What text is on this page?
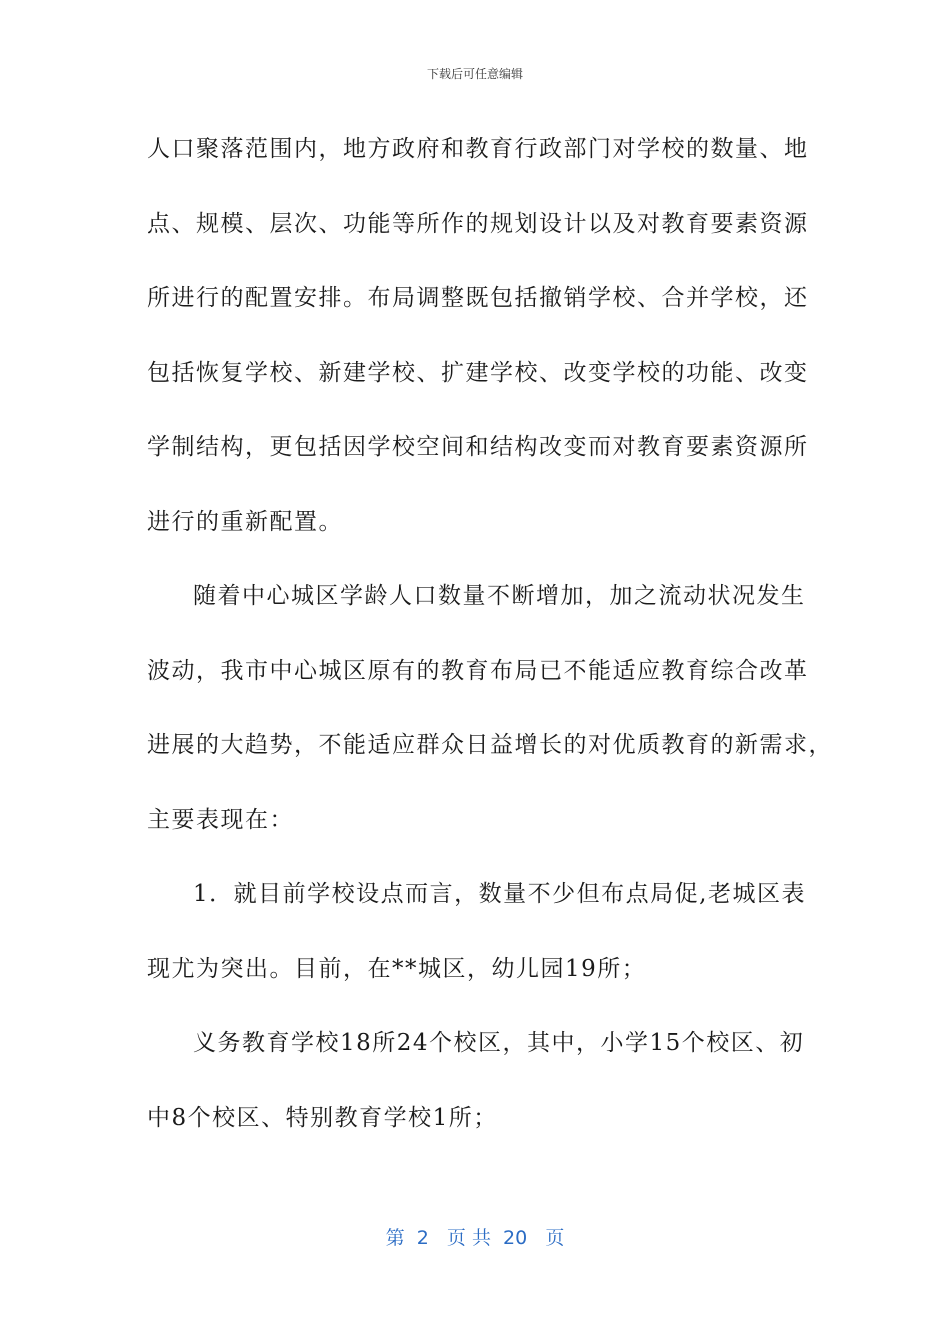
下载后可任意编辑
人口聚落范围内，地方政府和教育行政部门对学校的数量、地
点、规模、层次、功能等所作的规划设计以及对教育要素资源
所进行的配置安排。布局调整既包括撤销学校、合并学校，还
包括恢复学校、新建学校、扩建学校、改变学校的功能、改变
学制结构，更包括因学校空间和结构改变而对教育要素资源所
进行的重新配置。
随着中心城区学龄人口数量不断增加，加之流动状况发生
波动，我市中心城区原有的教育布局已不能适应教育综合改革
进展的大趋势，不能适应群众日益增长的对优质教育的新需求，
主要表现在：
1．就目前学校设点而言，数量不少但布点局促,老城区表
现尤为突出。目前，在**城区，幼儿园19所；
义务教育学校18所24个校区，其中，小学15个校区、初
中8个校区、特别教育学校1所；
第  2   页 共  20   页
